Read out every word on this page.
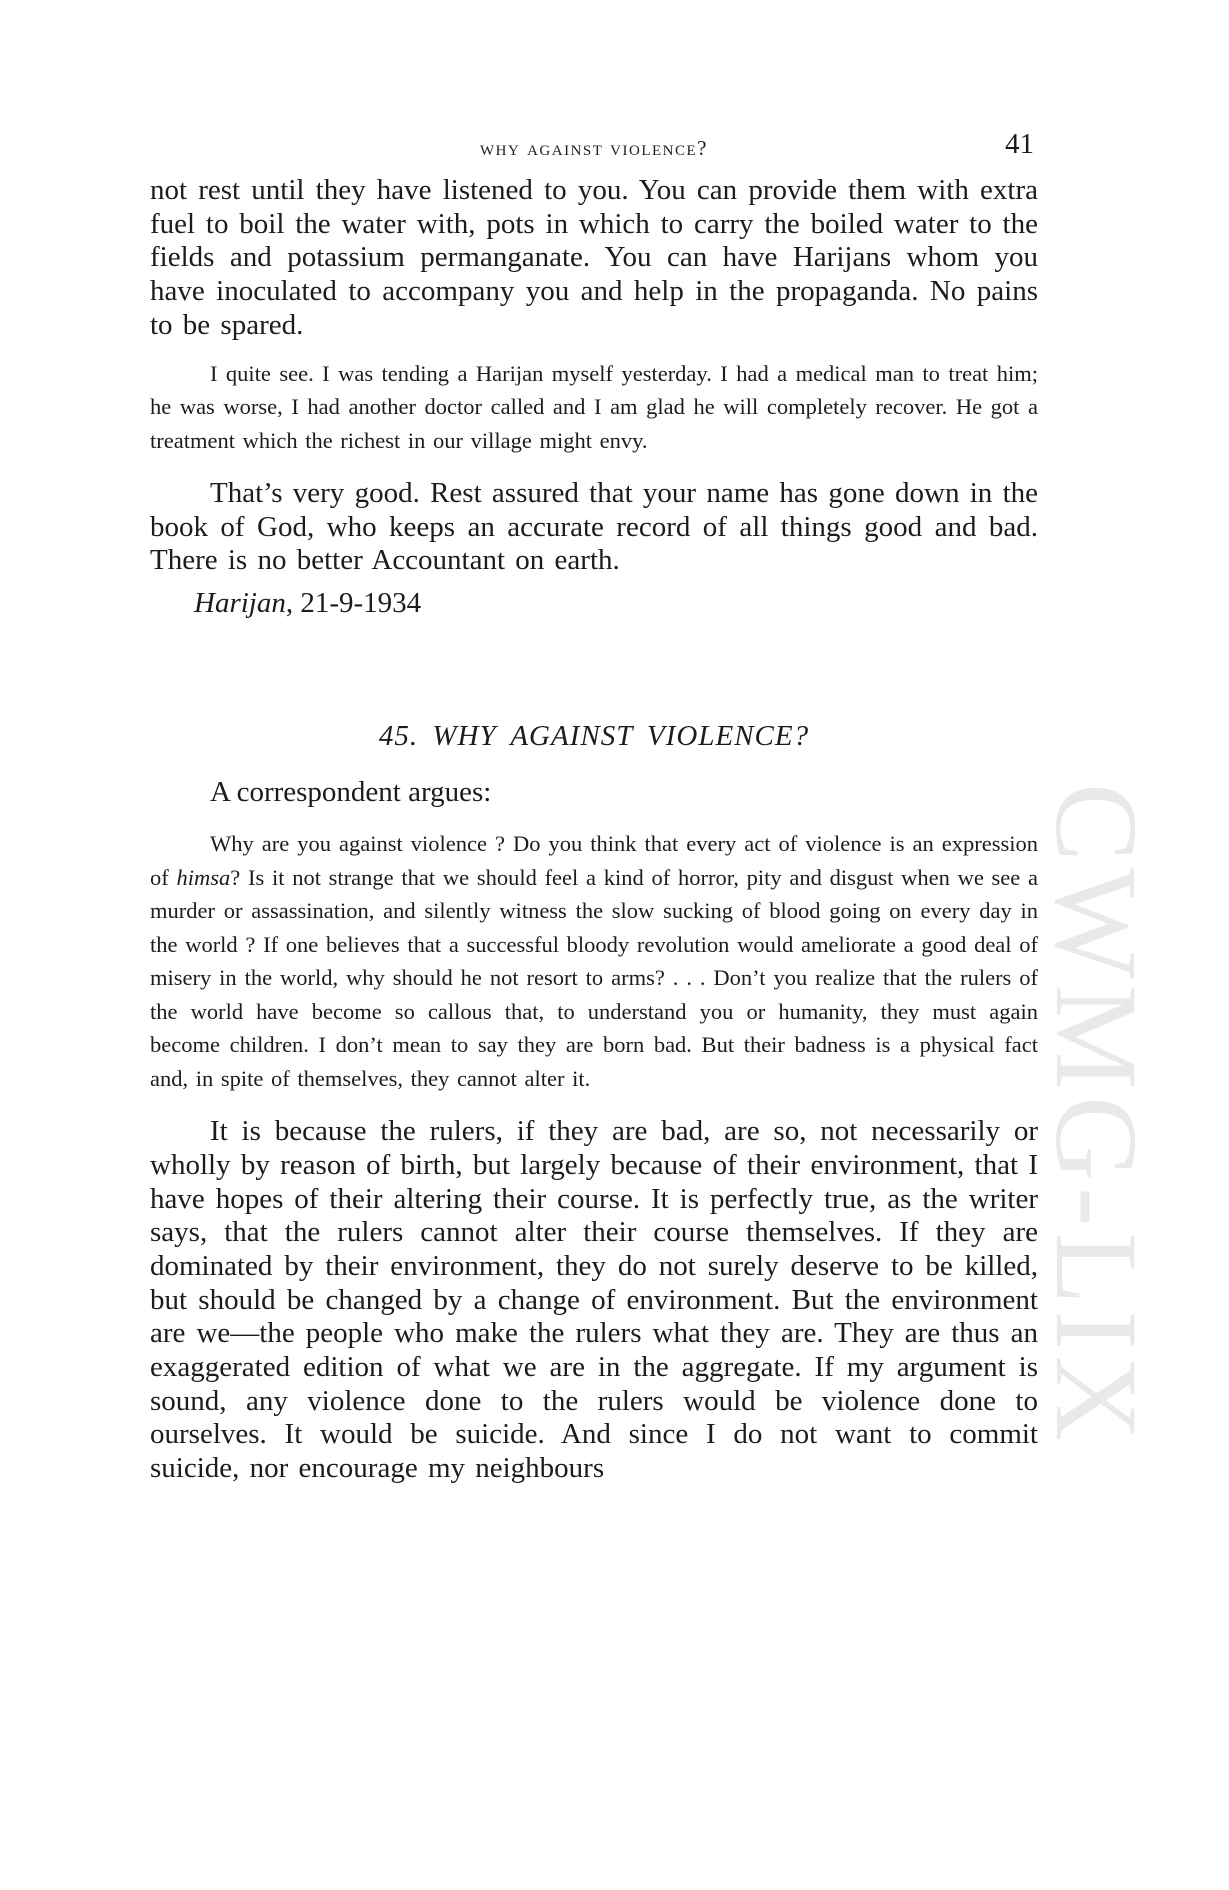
CWMG-LIX
why against violence?	41

not rest until they have listened to you. You can provide them with extra fuel to boil the water with, pots in which to carry the boiled water to the fields and potassium permanganate. You can have Harijans whom you have inoculated to accompany you and help in the propaganda. No pains to be spared.

I quite see. I was tending a Harijan myself yesterday. I had a medical man to treat him; he was worse, I had another doctor called and I am glad he will completely recover. He got a treatment which the richest in our village might envy.

That’s very good. Rest assured that your name has gone down in the book of God, who keeps an accurate record of all things good and bad. There is no better Accountant on earth.

Harijan, 21-9-1934
45. WHY AGAINST VIOLENCE?
A correspondent argues:

Why are you against violence ? Do you think that every act of violence is an expression of himsa? Is it not strange that we should feel a kind of horror, pity and disgust when we see a murder or assassination, and silently witness the slow sucking of blood going on every day in the world ? If one believes that a successful bloody revolution would ameliorate a good deal of misery in the world, why should he not resort to arms? . . . Don’t you realize that the rulers of the world have become so callous that, to understand you or humanity, they must again become children. I don’t mean to say they are born bad. But their badness is a physical fact and, in spite of themselves, they cannot alter it.

It is because the rulers, if they are bad, are so, not necessarily or wholly by reason of birth, but largely because of their environment, that I have hopes of their altering their course. It is perfectly true, as the writer says, that the rulers cannot alter their course themselves. If they are dominated by their environment, they do not surely deserve to be killed, but should be changed by a change of environment. But the environment are we—the people who make the rulers what they are. They are thus an exaggerated edition of what we are in the aggregate. If my argument is sound, any violence done to the rulers would be violence done to ourselves. It would be suicide. And since I do not want to commit suicide, nor encourage my neighbours
